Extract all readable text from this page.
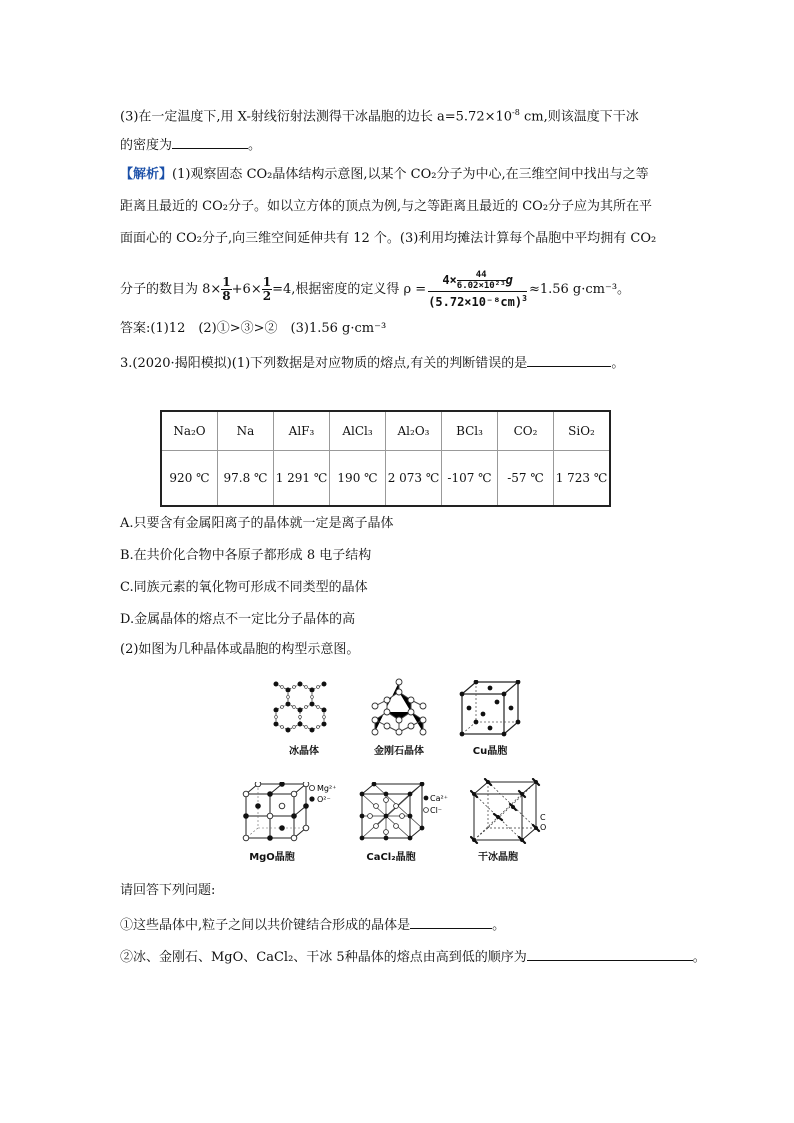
(3)在一定温度下,用 X-射线衍射法测得干冰晶胞的边长 $a=5.72\times 10^{-8}$ cm,则该温度下干冰
的密度为	。
【解析】(1)观察固态 CO₂晶体结构示意图,以某个 CO₂分子为中心,在三维空间中找出与之等
距离且最近的 CO₂分子。如以立方体的顶点为例,与之等距离且最近的 CO₂分子应为其所在平
面面心的 CO₂分子,向三维空间延伸共有 12 个。(3)利用均摊法计算每个晶胞中平均拥有 CO₂
分子的数目为 $8\times \frac{1}{8} +6\times \frac{1}{2} =4$,根据密度的定义得 $\rho = \frac{4\times \frac{44}{\text{6.02×10²³}} g}{(5.72\times 10^{-8}cm)^3} \approx 1.56$ g·cm⁻³。
答案:(1)12　(2)①>③>②　(3)1.56 g·cm⁻³
3.(2020·揭阳模拟)(1)下列数据是对应物质的熔点,有关的判断错误的是	。
Na₂O	Na	AlF₃	AlCl₃	Al₂O₃	BCl₃	CO₂	SiO₂
920 ℃	97.8 ℃	1 291 ℃	190 ℃	2 073 ℃	-107 ℃	-57 ℃	1 723 ℃
A.只要含有金属阳离子的晶体就一定是离子晶体
B.在共价化合物中各原子都形成 8 电子结构
C.同族元素的氧化物可形成不同类型的晶体
D.金属晶体的熔点不一定比分子晶体的高
(2)如图为几种晶体或晶胞的构型示意图。
冰晶体	金刚石晶体	Cu晶胞
Mg²⁺
O²⁻
MgO晶胞
Ca²⁺
Cl⁻
CaCl₂晶胞
C
O
干冰晶胞
请回答下列问题:
①这些晶体中,粒子之间以共价键结合形成的晶体是	。
②冰、金刚石、MgO、CaCl₂、干冰 5种晶体的熔点由高到低的顺序为	。
